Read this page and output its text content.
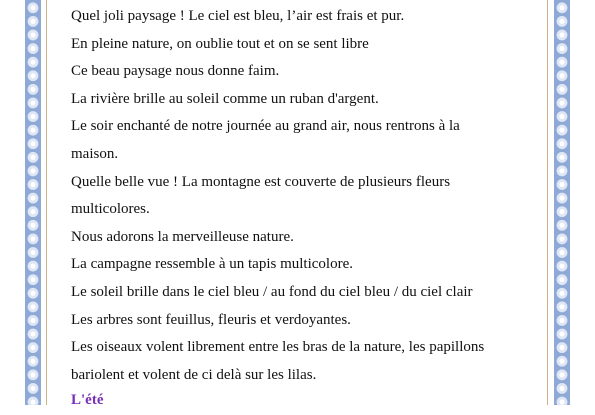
Quel joli paysage ! Le ciel est bleu, l’air est frais et pur.
En pleine nature, on oublie tout et on se sent libre
Ce beau paysage nous donne faim.
La rivière brille au soleil comme un ruban d'argent.
Le soir enchanté de notre journée au grand air, nous rentrons à la
maison.
Quelle belle vue ! La montagne est couverte de plusieurs fleurs
multicolores.
Nous adorons la merveilleuse nature.
La campagne ressemble à un tapis multicolore.
Le soleil brille dans le ciel bleu / au fond du ciel bleu / du ciel clair
Les arbres sont feuillus, fleuris et verdoyantes.
Les oiseaux volent librement entre les bras de la nature, les papillons
bariolent et volent de ci delà sur les lilas.
L'été
